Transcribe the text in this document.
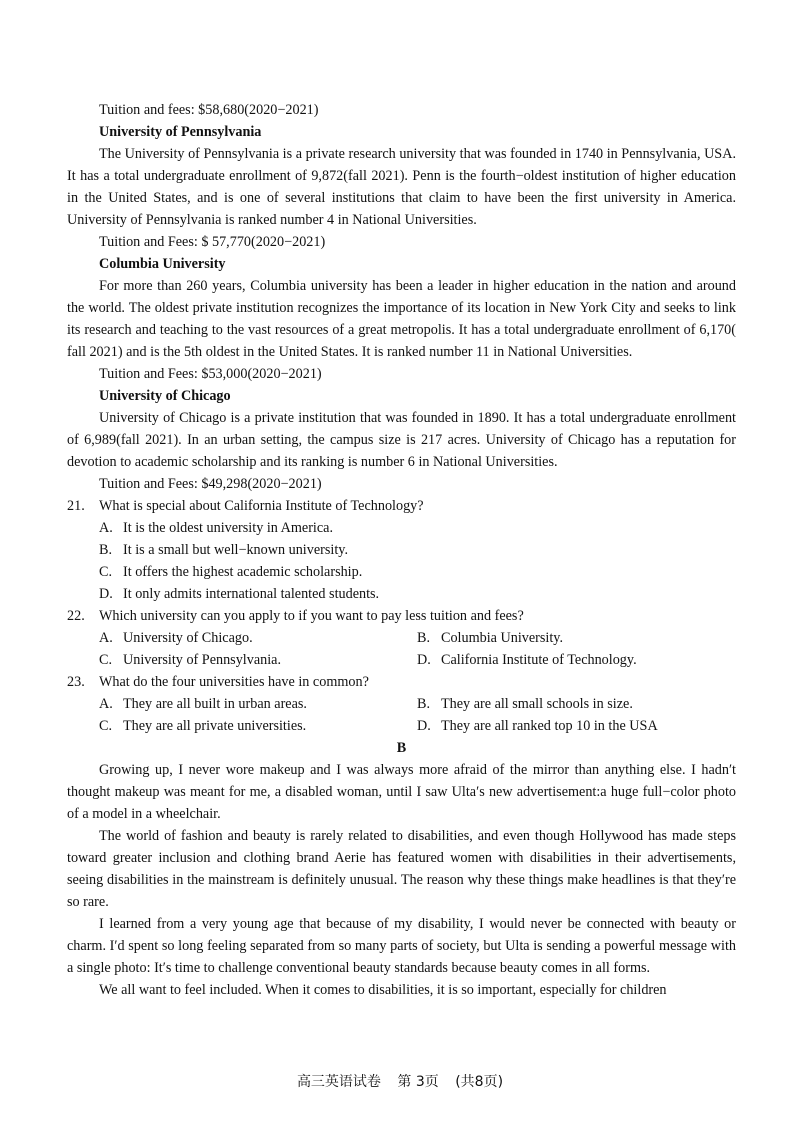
Tuition and fees: $58,680(2020−2021)

University of Pennsylvania

The University of Pennsylvania is a private research university that was founded in 1740 in Pennsylvania, USA. It has a total undergraduate enrollment of 9,872(fall 2021). Penn is the fourth−oldest institution of higher education in the United States, and is one of several institutions that claim to have been the first university in America. University of Pennsylvania is ranked number 4 in National Universities.

Tuition and Fees: $ 57,770(2020−2021)

Columbia University

For more than 260 years, Columbia university has been a leader in higher education in the nation and around the world. The oldest private institution recognizes the importance of its location in New York City and seeks to link its research and teaching to the vast resources of a great metropolis. It has a total undergraduate enrollment of 6,170( fall 2021) and is the 5th oldest in the United States. It is ranked number 11 in National Universities.

Tuition and Fees: $53,000(2020−2021)

University of Chicago

University of Chicago is a private institution that was founded in 1890. It has a total undergraduate enrollment of 6,989(fall 2021). In an urban setting, the campus size is 217 acres. University of Chicago has a reputation for devotion to academic scholarship and its ranking is number 6 in National Universities.

Tuition and Fees: $49,298(2020−2021)

21.	What is special about California Institute of Technology?
A. It is the oldest university in America.
B. It is a small but well−known university.
C. It offers the highest academic scholarship.
D. It only admits international talented students.
22.	Which university can you apply to if you want to pay less tuition and fees?
A. University of Chicago.	B. Columbia University.
C. University of Pennsylvania.	D. California Institute of Technology.
23.	What do the four universities have in common?
A. They are all built in urban areas.	B. They are all small schools in size.
C. They are all private universities.	D. They are all ranked top 10 in the USA

B

Growing up, I never wore makeup and I was always more afraid of the mirror than anything else. I hadn′t thought makeup was meant for me, a disabled woman, until I saw Ulta′s new advertisement:a huge full−color photo of a model in a wheelchair.

The world of fashion and beauty is rarely related to disabilities, and even though Hollywood has made steps toward greater inclusion and clothing brand Aerie has featured women with disabilities in their advertisements, seeing disabilities in the mainstream is definitely unusual. The reason why these things make headlines is that they′re so rare.

I learned from a very young age that because of my disability, I would never be connected with beauty or charm. I′d spent so long feeling separated from so many parts of society, but Ulta is sending a powerful message with a single photo: It′s time to challenge conventional beauty standards because beauty comes in all forms.

We all want to feel included. When it comes to disabilities, it is so important, especially for children

高三英语试卷 第 3页 (共8页)
